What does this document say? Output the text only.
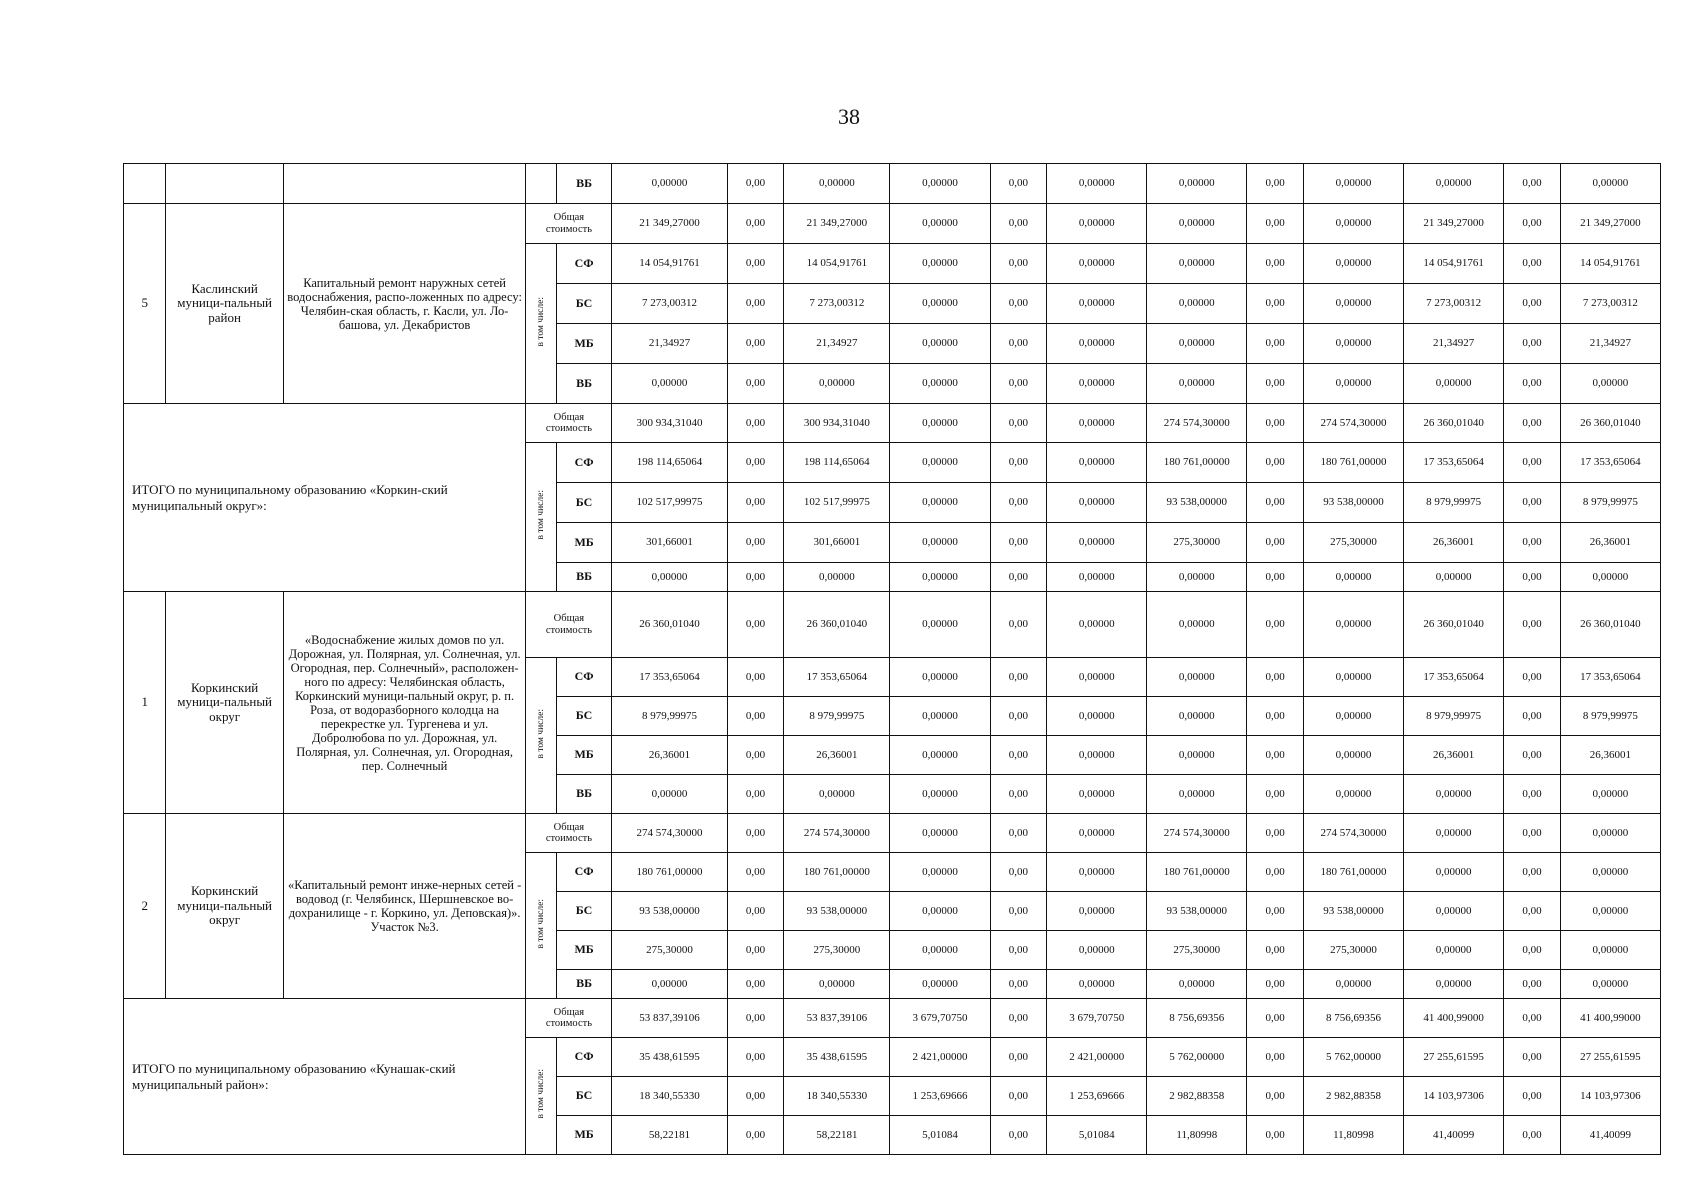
38
				ВБ	0,00000	0,00	0,00000	0,00000	0,00	0,00000	0,00000	0,00	0,00000	0,00000	0,00	0,00000
5	Каслинский муници-пальный район	Капитальный ремонт наружных сетей водоснабжения, распо-ложенных по адресу: Челябин-ская область, г. Касли, ул. Ло-башова, ул. Декабристов	Общая стоимость		21 349,27000	0,00	21 349,27000	0,00000	0,00	0,00000	0,00000	0,00	0,00000	21 349,27000	0,00	21 349,27000
			в том числе:	СФ	14 054,91761	0,00	14 054,91761	0,00000	0,00	0,00000	0,00000	0,00	0,00000	14 054,91761	0,00	14 054,91761
				БС	7 273,00312	0,00	7 273,00312	0,00000	0,00	0,00000	0,00000	0,00	0,00000	7 273,00312	0,00	7 273,00312
				МБ	21,34927	0,00	21,34927	0,00000	0,00	0,00000	0,00000	0,00	0,00000	21,34927	0,00	21,34927
				ВБ	0,00000	0,00	0,00000	0,00000	0,00	0,00000	0,00000	0,00	0,00000	0,00000	0,00	0,00000
ИТОГО по муниципальному образованию «Коркин-ский муниципальный округ»:			Общая стоимость		300 934,31040	0,00	300 934,31040	0,00000	0,00	0,00000	274 574,30000	0,00	274 574,30000	26 360,01040	0,00	26 360,01040
			в том числе:	СФ	198 114,65064	0,00	198 114,65064	0,00000	0,00	0,00000	180 761,00000	0,00	180 761,00000	17 353,65064	0,00	17 353,65064
				БС	102 517,99975	0,00	102 517,99975	0,00000	0,00	0,00000	93 538,00000	0,00	93 538,00000	8 979,99975	0,00	8 979,99975
				МБ	301,66001	0,00	301,66001	0,00000	0,00	0,00000	275,30000	0,00	275,30000	26,36001	0,00	26,36001
				ВБ	0,00000	0,00	0,00000	0,00000	0,00	0,00000	0,00000	0,00	0,00000	0,00000	0,00	0,00000
1	Коркинский муници-пальный округ	«Водоснабжение жилых домов по ул. Дорожная, ул. Полярная, ул. Солнечная, ул. Огородная, пер. Солнечный», расположен-ного по адресу: Челябинская область, Коркинский муници-пальный округ, р. п. Роза, от водоразборного колодца на перекрестке ул. Тургенева и ул. Добролюбова по ул. Дорожная, ул. Полярная, ул. Солнечная, ул. Огородная, пер. Солнечный	Общая стоимость		26 360,01040	0,00	26 360,01040	0,00000	0,00	0,00000	0,00000	0,00	0,00000	26 360,01040	0,00	26 360,01040
			в том числе:	СФ	17 353,65064	0,00	17 353,65064	0,00000	0,00	0,00000	0,00000	0,00	0,00000	17 353,65064	0,00	17 353,65064
				БС	8 979,99975	0,00	8 979,99975	0,00000	0,00	0,00000	0,00000	0,00	0,00000	8 979,99975	0,00	8 979,99975
				МБ	26,36001	0,00	26,36001	0,00000	0,00	0,00000	0,00000	0,00	0,00000	26,36001	0,00	26,36001
				ВБ	0,00000	0,00	0,00000	0,00000	0,00	0,00000	0,00000	0,00	0,00000	0,00000	0,00	0,00000
2	Коркинский муници-пальный округ	«Капитальный ремонт инже-нерных сетей - водовод (г. Челябинск, Шершневское во-дохранилище - г. Коркино, ул. Деповская)». Участок №3.	Общая стоимость		274 574,30000	0,00	274 574,30000	0,00000	0,00	0,00000	274 574,30000	0,00	274 574,30000	0,00000	0,00	0,00000
			в том числе:	СФ	180 761,00000	0,00	180 761,00000	0,00000	0,00	0,00000	180 761,00000	0,00	180 761,00000	0,00000	0,00	0,00000
				БС	93 538,00000	0,00	93 538,00000	0,00000	0,00	0,00000	93 538,00000	0,00	93 538,00000	0,00000	0,00	0,00000
				МБ	275,30000	0,00	275,30000	0,00000	0,00	0,00000	275,30000	0,00	275,30000	0,00000	0,00	0,00000
				ВБ	0,00000	0,00	0,00000	0,00000	0,00	0,00000	0,00000	0,00	0,00000	0,00000	0,00	0,00000
ИТОГО по муниципальному образованию «Кунашак-ский муниципальный район»:			Общая стоимость		53 837,39106	0,00	53 837,39106	3 679,70750	0,00	3 679,70750	8 756,69356	0,00	8 756,69356	41 400,99000	0,00	41 400,99000
			в том числе:	СФ	35 438,61595	0,00	35 438,61595	2 421,00000	0,00	2 421,00000	5 762,00000	0,00	5 762,00000	27 255,61595	0,00	27 255,61595
				БС	18 340,55330	0,00	18 340,55330	1 253,69666	0,00	1 253,69666	2 982,88358	0,00	2 982,88358	14 103,97306	0,00	14 103,97306
				МБ	58,22181	0,00	58,22181	5,01084	0,00	5,01084	11,80998	0,00	11,80998	41,40099	0,00	41,40099
